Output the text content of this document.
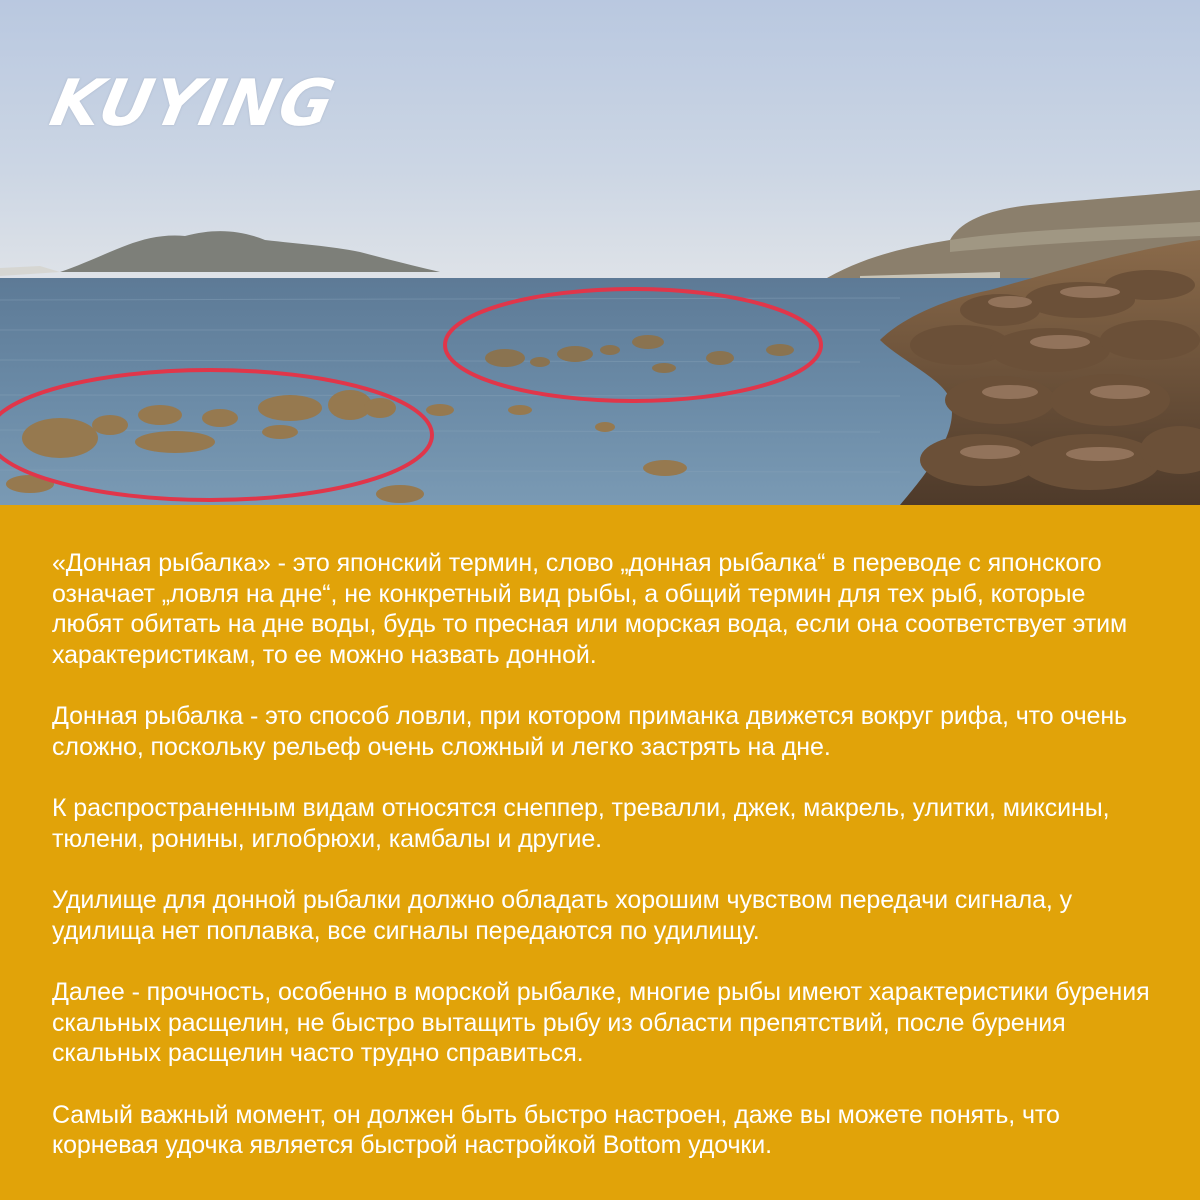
KUYING

«Донная рыбалка» - это японский термин, слово „донная рыбалка“ в переводе с японского означает „ловля на дне“, не конкретный вид рыбы, а общий термин для тех рыб, которые любят обитать на дне воды, будь то пресная или морская вода, если она соответствует этим характеристикам, то ее можно назвать донной.

Донная рыбалка - это способ ловли, при котором приманка движется вокруг рифа, что очень сложно, поскольку рельеф очень сложный и легко застрять на дне.

К распространенным видам относятся снеппер, тревалли, джек, макрель, улитки, миксины, тюлени, ронины, иглобрюхи, камбалы и другие.

Удилище для донной рыбалки должно обладать хорошим чувством передачи сигнала, у удилища нет поплавка, все сигналы передаются по удилищу.

Далее - прочность, особенно в морской рыбалке, многие рыбы имеют характеристики бурения скальных расщелин, не быстро вытащить рыбу из области препятствий, после бурения скальных расщелин часто трудно справиться.

Самый важный момент, он должен быть быстро настроен, даже вы можете понять, что корневая удочка является быстрой настройкой Bottom удочки.
